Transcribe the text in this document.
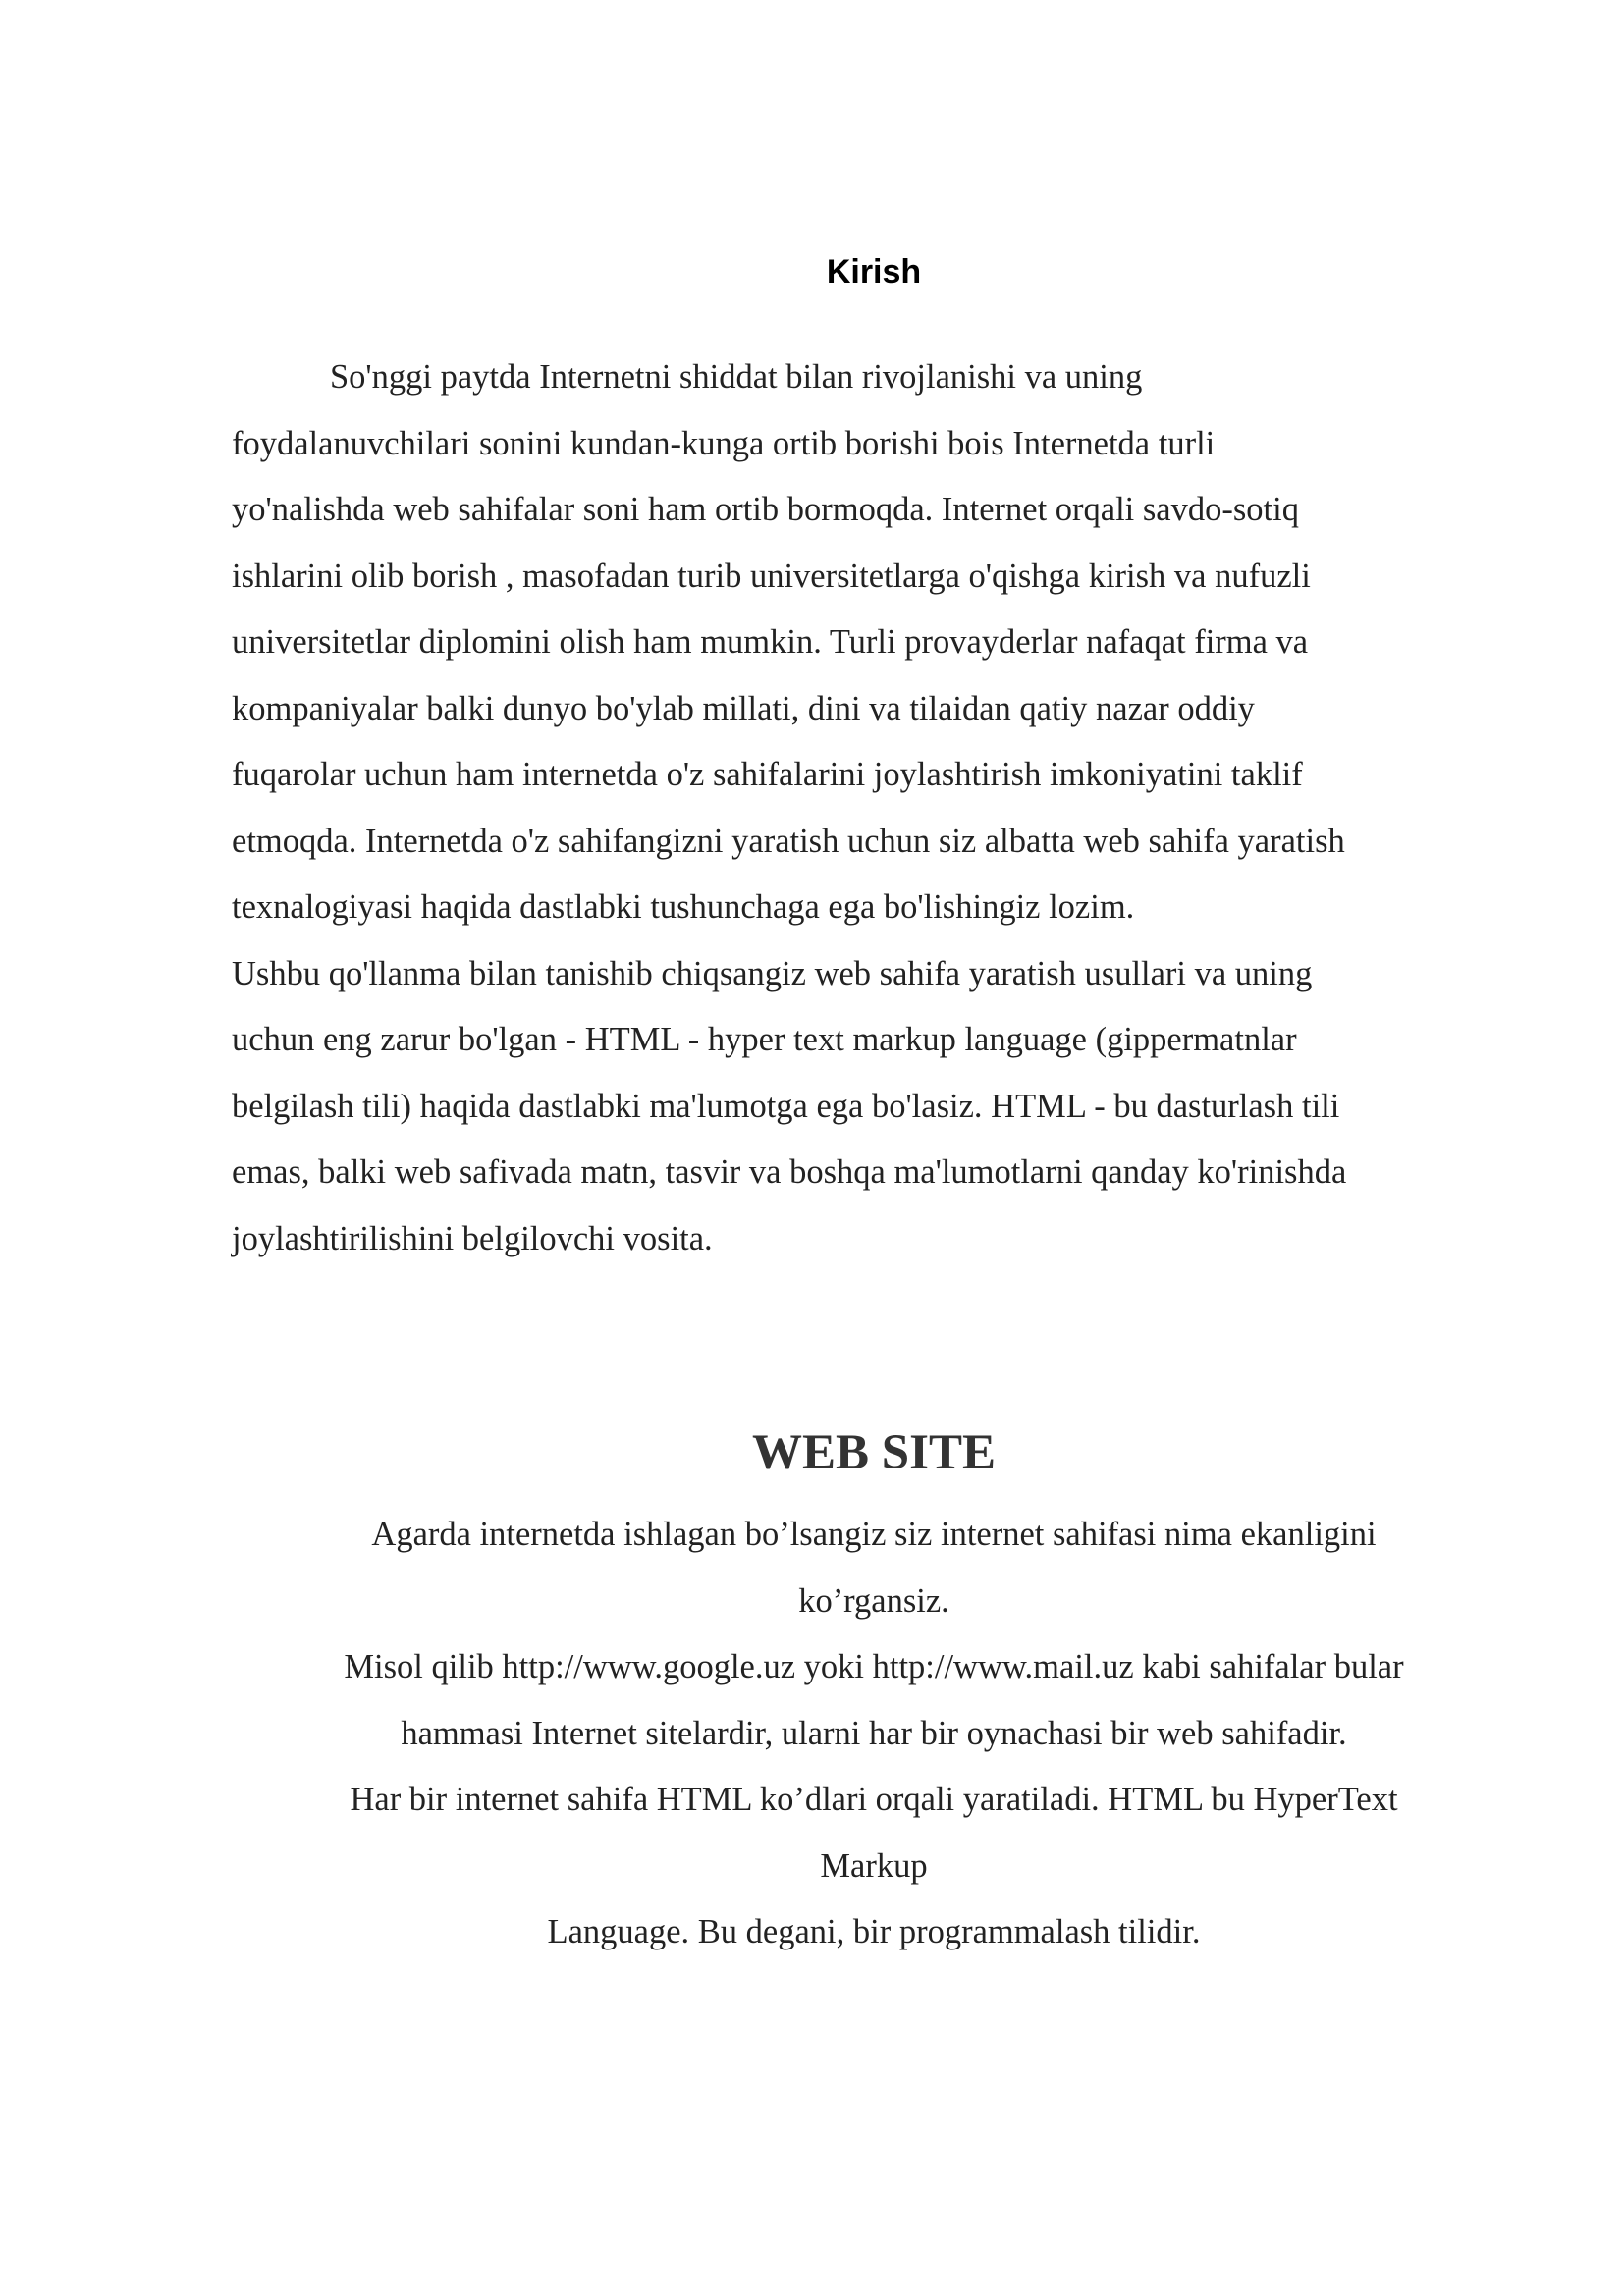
Kirish
So'nggi paytda Internetni shiddat bilan rivojlanishi va uning
foydalanuvchilari sonini kundan-kunga ortib borishi bois Internetda turli
yo'nalishda web sahifalar soni ham ortib bormoqda. Internet orqali savdo-sotiq
ishlarini olib borish , masofadan turib universitetlarga o'qishga kirish va nufuzli
universitetlar diplomini olish ham mumkin. Turli provayderlar nafaqat firma va
kompaniyalar balki dunyo bo'ylab millati, dini va tilaidan qatiy nazar oddiy
fuqarolar uchun ham internetda o'z sahifalarini joylashtirish imkoniyatini taklif
etmoqda. Internetda o'z sahifangizni yaratish uchun siz albatta web sahifa yaratish
texnalogiyasi haqida dastlabki tushunchaga ega bo'lishingiz lozim.
Ushbu qo'llanma bilan tanishib chiqsangiz web sahifa yaratish usullari va uning
uchun eng zarur bo'lgan - HTML - hyper text markup language (gippermatnlar
belgilash tili) haqida dastlabki ma'lumotga ega bo'lasiz. HTML - bu dasturlash tili
emas, balki web safivada matn, tasvir va boshqa ma'lumotlarni qanday ko'rinishda
joylashtirilishini belgilovchi vosita.
WEB SITE
Agarda internetda ishlagan bo’lsangiz siz internet sahifasi nima ekanligini
ko’rgansiz.
Misol qilib http://www.google.uz yoki http://www.mail.uz kabi sahifalar bular
hammasi Internet sitelardir, ularni har bir oynachasi bir web sahifadir.
Har bir internet sahifa HTML ko’dlari orqali yaratiladi. HTML bu HyperText
Markup
Language. Bu degani, bir programmalash tilidir.
